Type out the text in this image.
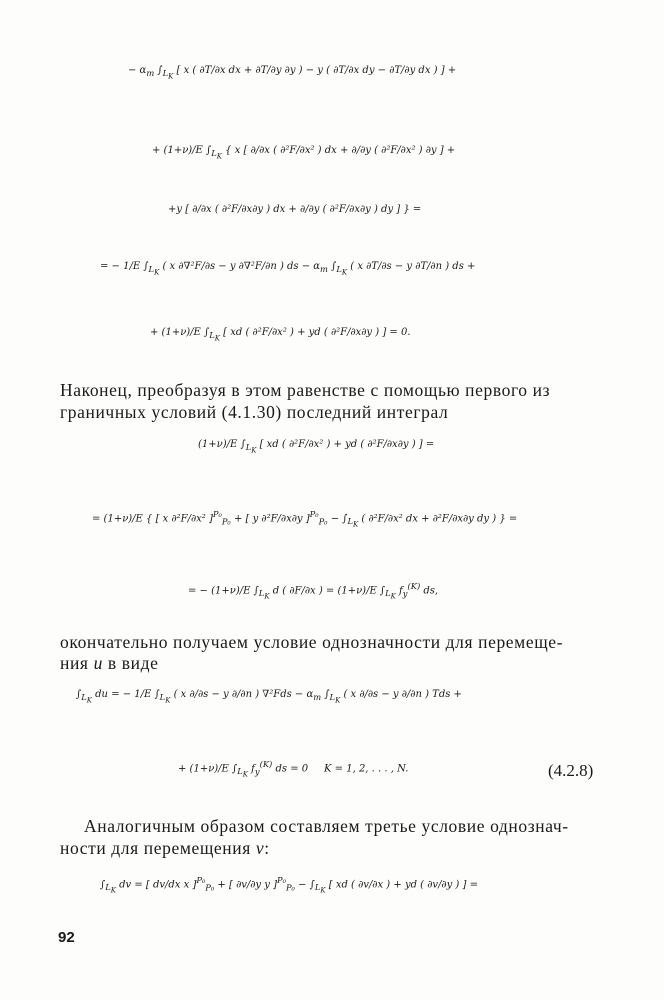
− $\alpha_т$ $\int_{L_K}$ [ x ( ∂T/∂x dx + ∂T/∂y ∂y ) − y ( ∂T/∂x dy − ∂T/∂y dx ) ] +
+ (1+ν)/E $\int_{L_K}$ { x [ ∂/∂x ( ∂²F/∂x² ) dx + ∂/∂y ( ∂²F/∂x² ) ∂y ] +
+y [ ∂/∂x ( ∂²F/∂x∂y ) dx + ∂/∂y ( ∂²F/∂x∂y ) dy ] } =
= − 1/E $\int_{L_K}$ ( x ∂∇²F/∂s − y ∂∇²F/∂n ) ds − $\alpha_т$ $\int_{L_K}$ ( x ∂T/∂s − y ∂T/∂n ) ds +
+ (1+ν)/E $\int_{L_K}$ [ xd ( ∂²F/∂x² ) + yd ( ∂²F/∂x∂y ) ] = 0.
Наконец, преобразуя в этом равенстве с помощью первого из
граничных условий (4.1.30) последний интеграл
(1+ν)/E $\int_{L_K}$ [ xd ( ∂²F/∂x² ) + yd ( ∂²F/∂x∂y ) ] =
= (1+ν)/E { [ x ∂²F/∂x² ]$^{P_0}_{P_0}$ + [ y ∂²F/∂x∂y ]$^{P_0}_{P_0} - \int_{L_K}$ ( ∂²F/∂x² dx + ∂²F/∂x∂y dy ) } =
= − (1+ν)/E $\int_{L_K}$ d ( ∂F/∂x ) = (1+ν)/E $\int_{L_K}$ $f_y^{(K)}$ ds,
окончательно получаем условие однозначности для перемеще-
ния u в виде
$\int_{L_K}$ du = − 1/E $\int_{L_K}$ ( x ∂/∂s − y ∂/∂n ) $\nabla^2Fds - \alpha_т$ $\int_{L_K}$ ( x ∂/∂s − y ∂/∂n ) Tds +
+ (1+ν)/E $\int_{L_K}$ $f_y^{(K)}$ ds = 0     K = 1, 2, . . . , N.	(4.2.8)
Аналогичным образом составляем третье условие однознач-
ности для перемещения v:
$\int_{L_K}$ dv = [ dv/dx x ]$^{P_0}_{P_0}$ + [ ∂v/∂y y ]$^{P_0}_{P_0} - \int_{L_K}$ [ xd ( ∂v/∂x ) + yd ( ∂v/∂y ) ] =
92
